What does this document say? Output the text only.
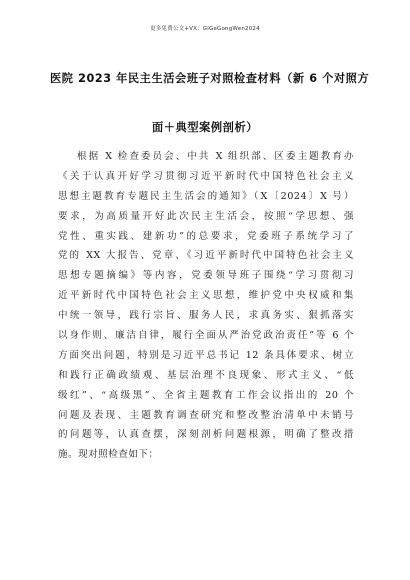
更多免费公文+VX：GlGeGongWen2024
医院 2023 年民主生活会班子对照检查材料（新 6 个对照方
面＋典型案例剖析）
根据 X 检查委员会、中共 X 组织部、区委主题教育办
《关于认真开好学习贯彻习近平新时代中国特色社会主义
思想主题教育专题民主生活会的通知》（X〔2024〕X 号）
要求，为高质量开好此次民主生活会，按照“学思想、强
党性、重实践、建新功”的总要求，党委班子系统学习了
党的 XX 大报告、党章、《习近平新时代中国特色社会主义
思想专题摘编》等内容，党委领导班子围绕“学习贯彻习
近平新时代中国特色社会主义思想，维护党中央权威和集
中统一领导，践行宗旨、服务人民，求真务实、狠抓落实
以身作则、廉洁自律，履行全面从严治党政治责任”等 6 个
方面突出问题，特别是习近平总书记 12 条具体要求、树立
和践行正确政绩观、基层治理不良现象、形式主义、“低
级红”、“高级黑”、全省主题教育工作会议指出的 20 个
问题及表现、主题教育调查研究和整改整治清单中未销号
的问题等，认真查摆，深刻剖析问题根源，明确了整改措
施。现对照检查如下：
